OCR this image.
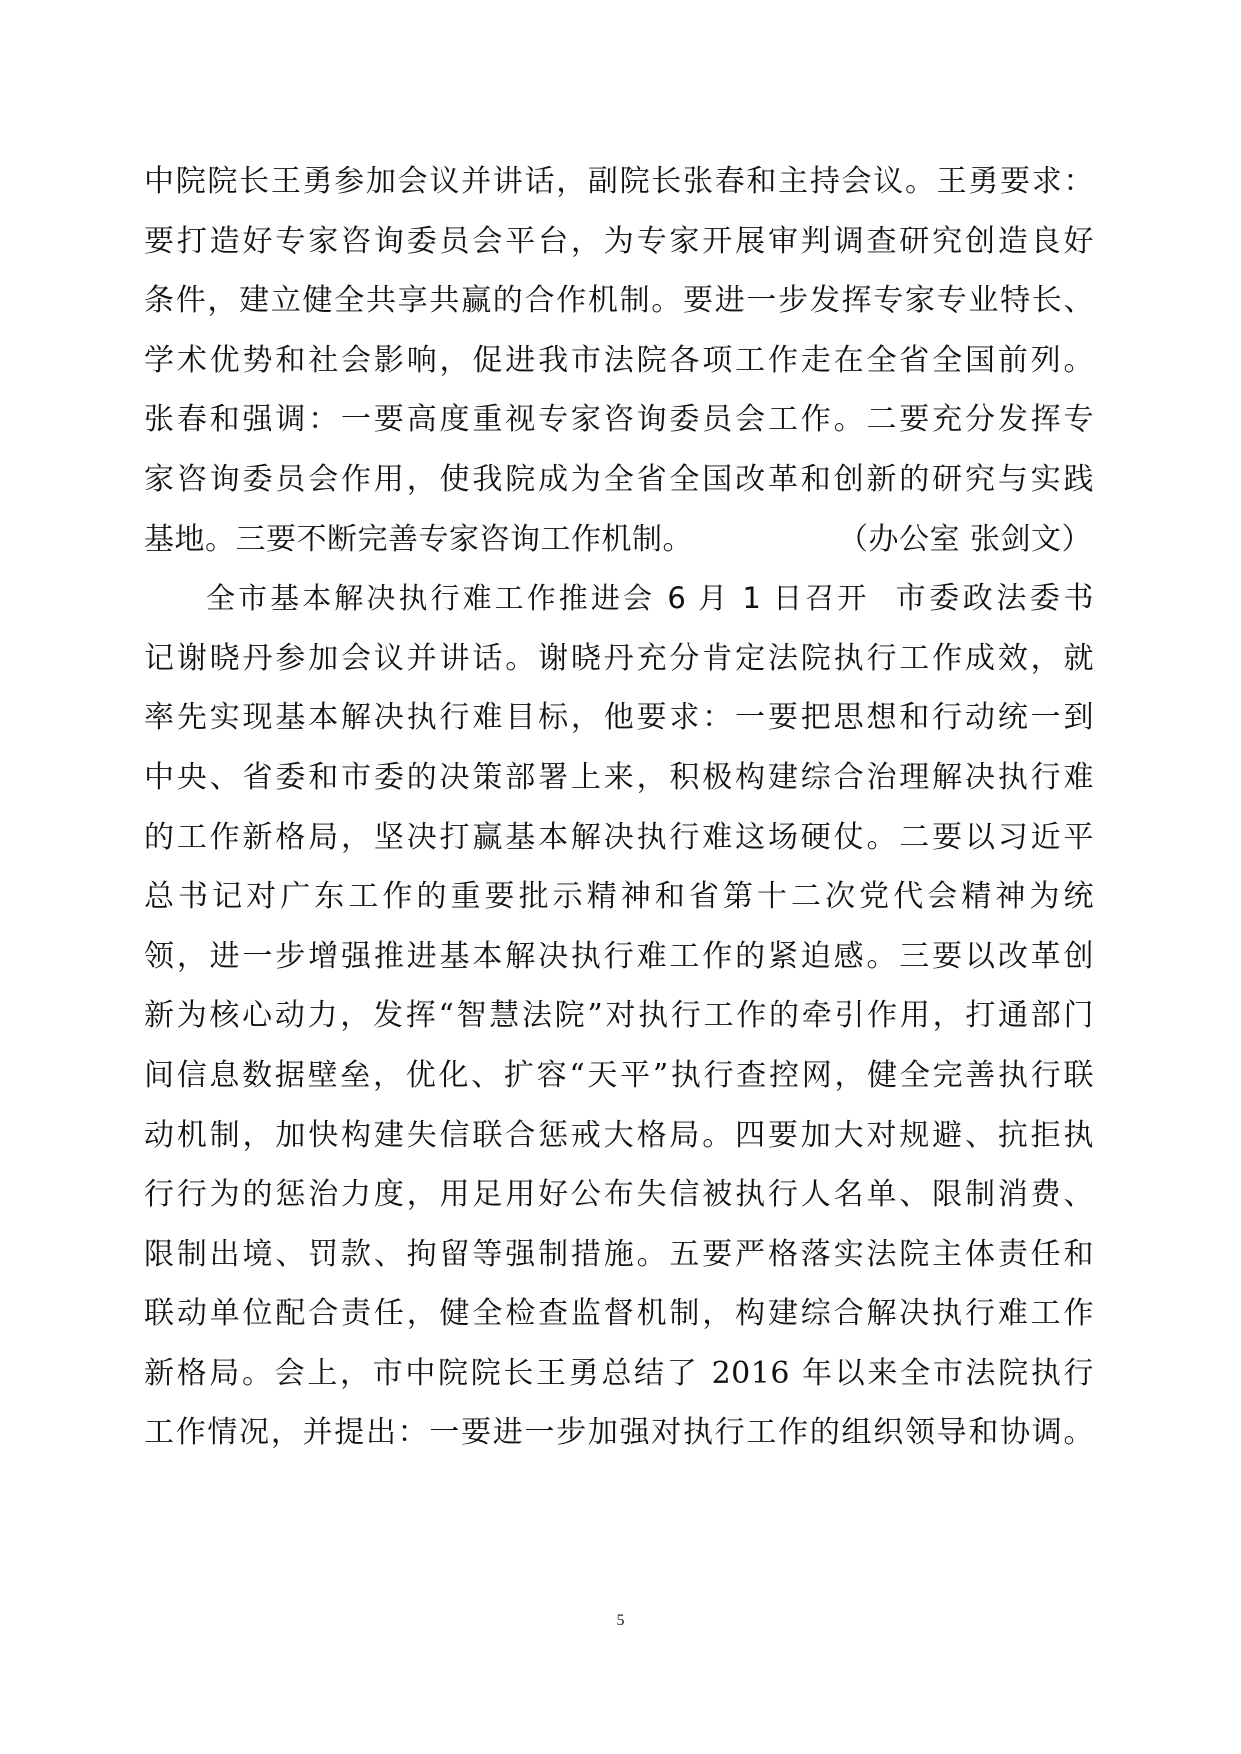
中院院长王勇参加会议并讲话，副院长张春和主持会议。王勇要求：
要打造好专家咨询委员会平台，为专家开展审判调查研究创造良好
条件，建立健全共享共赢的合作机制。要进一步发挥专家专业特长、
学术优势和社会影响，促进我市法院各项工作走在全省全国前列。
张春和强调：一要高度重视专家咨询委员会工作。二要充分发挥专
家咨询委员会作用，使我院成为全省全国改革和创新的研究与实践
基地。三要不断完善专家咨询工作机制。	（办公室 张剑文）
全市基本解决执行难工作推进会 6 月 1 日召开 市委政法委书
记谢晓丹参加会议并讲话。谢晓丹充分肯定法院执行工作成效，就
率先实现基本解决执行难目标，他要求：一要把思想和行动统一到
中央、省委和市委的决策部署上来，积极构建综合治理解决执行难
的工作新格局，坚决打赢基本解决执行难这场硬仗。二要以习近平
总书记对广东工作的重要批示精神和省第十二次党代会精神为统
领，进一步增强推进基本解决执行难工作的紧迫感。三要以改革创
新为核心动力，发挥“智慧法院”对执行工作的牵引作用，打通部门
间信息数据壁垒，优化、扩容“天平”执行查控网，健全完善执行联
动机制，加快构建失信联合惩戒大格局。四要加大对规避、抗拒执
行行为的惩治力度，用足用好公布失信被执行人名单、限制消费、
限制出境、罚款、拘留等强制措施。五要严格落实法院主体责任和
联动单位配合责任，健全检查监督机制，构建综合解决执行难工作
新格局。会上，市中院院长王勇总结了 2016 年以来全市法院执行
工作情况，并提出：一要进一步加强对执行工作的组织领导和协调。
5
